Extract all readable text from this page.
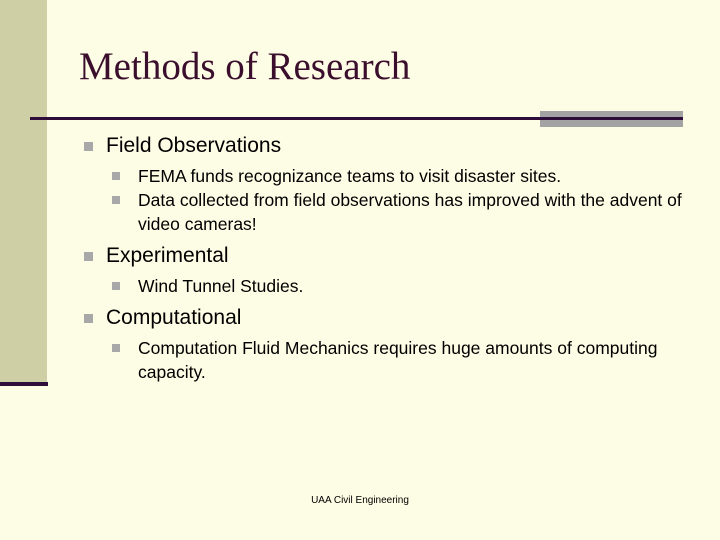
Methods of Research
Field Observations
FEMA funds recognizance teams to visit disaster sites.
Data collected from field observations has improved with the advent of video cameras!
Experimental
Wind Tunnel Studies.
Computational
Computation Fluid Mechanics requires huge amounts of computing capacity.
UAA Civil Engineering
